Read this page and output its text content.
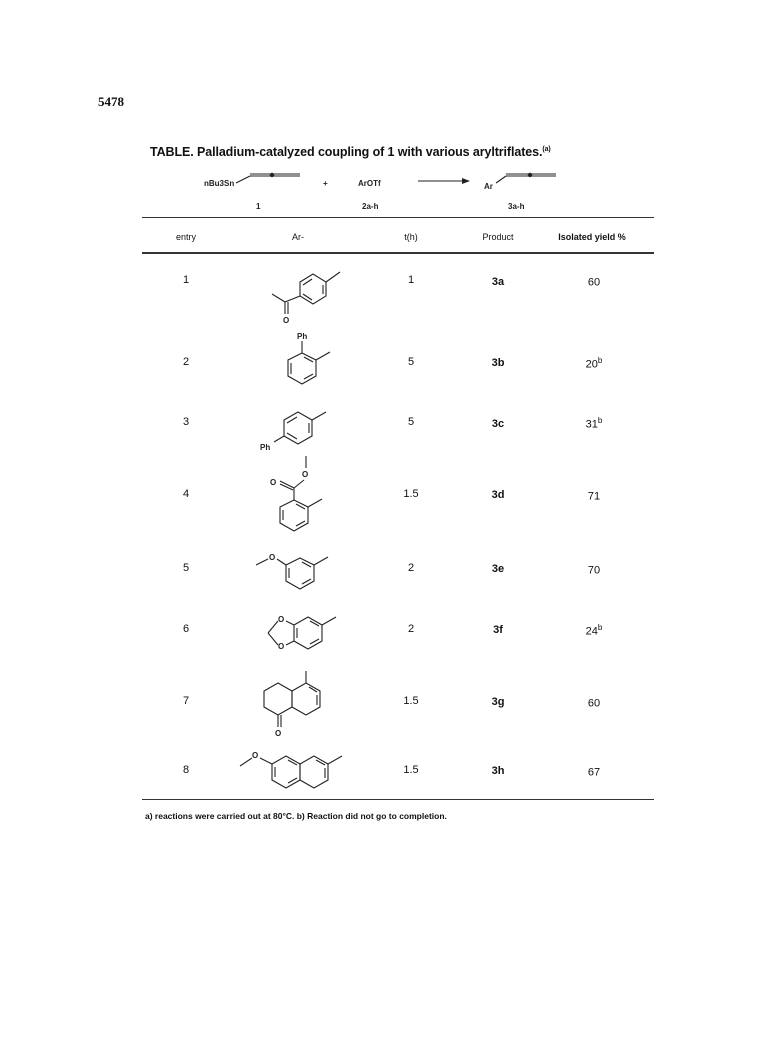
5478
TABLE. Palladium-catalyzed coupling of 1 with various aryltriflates.$^{(a)}$
nBu3Sn
1
+	ArOTf
2a-h
Ar
3a-h
entry	Ar-	t(h)	Product	Isolated yield %
1	1	3a	60
2	5	3b	20$^b$
3	5	3c	31$^b$
4	1.5	3d	71
5	2	3e	70
6	2	3f	24$^b$
7	1.5	3g	60
8	1.5	3h	67
O
Ph
Ph
O
O
O
O
O
O
O
a) reactions were carried out at 80°C. b) Reaction did not go to completion.
